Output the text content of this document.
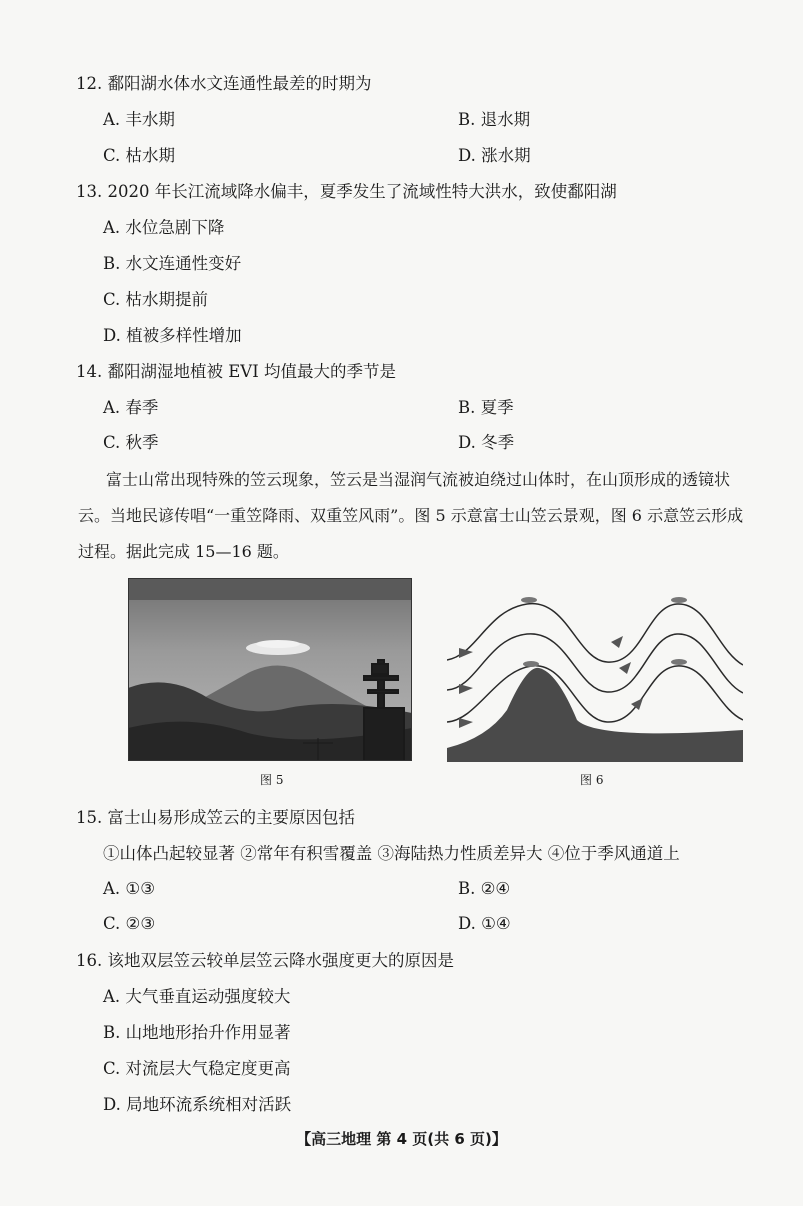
12. 鄱阳湖水体水文连通性最差的时期为
A. 丰水期	B. 退水期
C. 枯水期	D. 涨水期
13. 2020 年长江流域降水偏丰，夏季发生了流域性特大洪水，致使鄱阳湖
A. 水位急剧下降
B. 水文连通性变好
C. 枯水期提前
D. 植被多样性增加
14. 鄱阳湖湿地植被 EVI 均值最大的季节是
A. 春季	B. 夏季
C. 秋季	D. 冬季
富士山常出现特殊的笠云现象，笠云是当湿润气流被迫绕过山体时，在山顶形成的透镜状
云。当地民谚传唱“一重笠降雨、双重笠风雨”。图 5 示意富士山笠云景观，图 6 示意笠云形成
过程。据此完成 15—16 题。
图 5	图 6
15. 富士山易形成笠云的主要原因包括
①山体凸起较显著 ②常年有积雪覆盖 ③海陆热力性质差异大 ④位于季风通道上
A. ①③	B. ②④
C. ②③	D. ①④
16. 该地双层笠云较单层笠云降水强度更大的原因是
A. 大气垂直运动强度较大
B. 山地地形抬升作用显著
C. 对流层大气稳定度更高
D. 局地环流系统相对活跃
【高三地理 第 4 页(共 6 页)】
